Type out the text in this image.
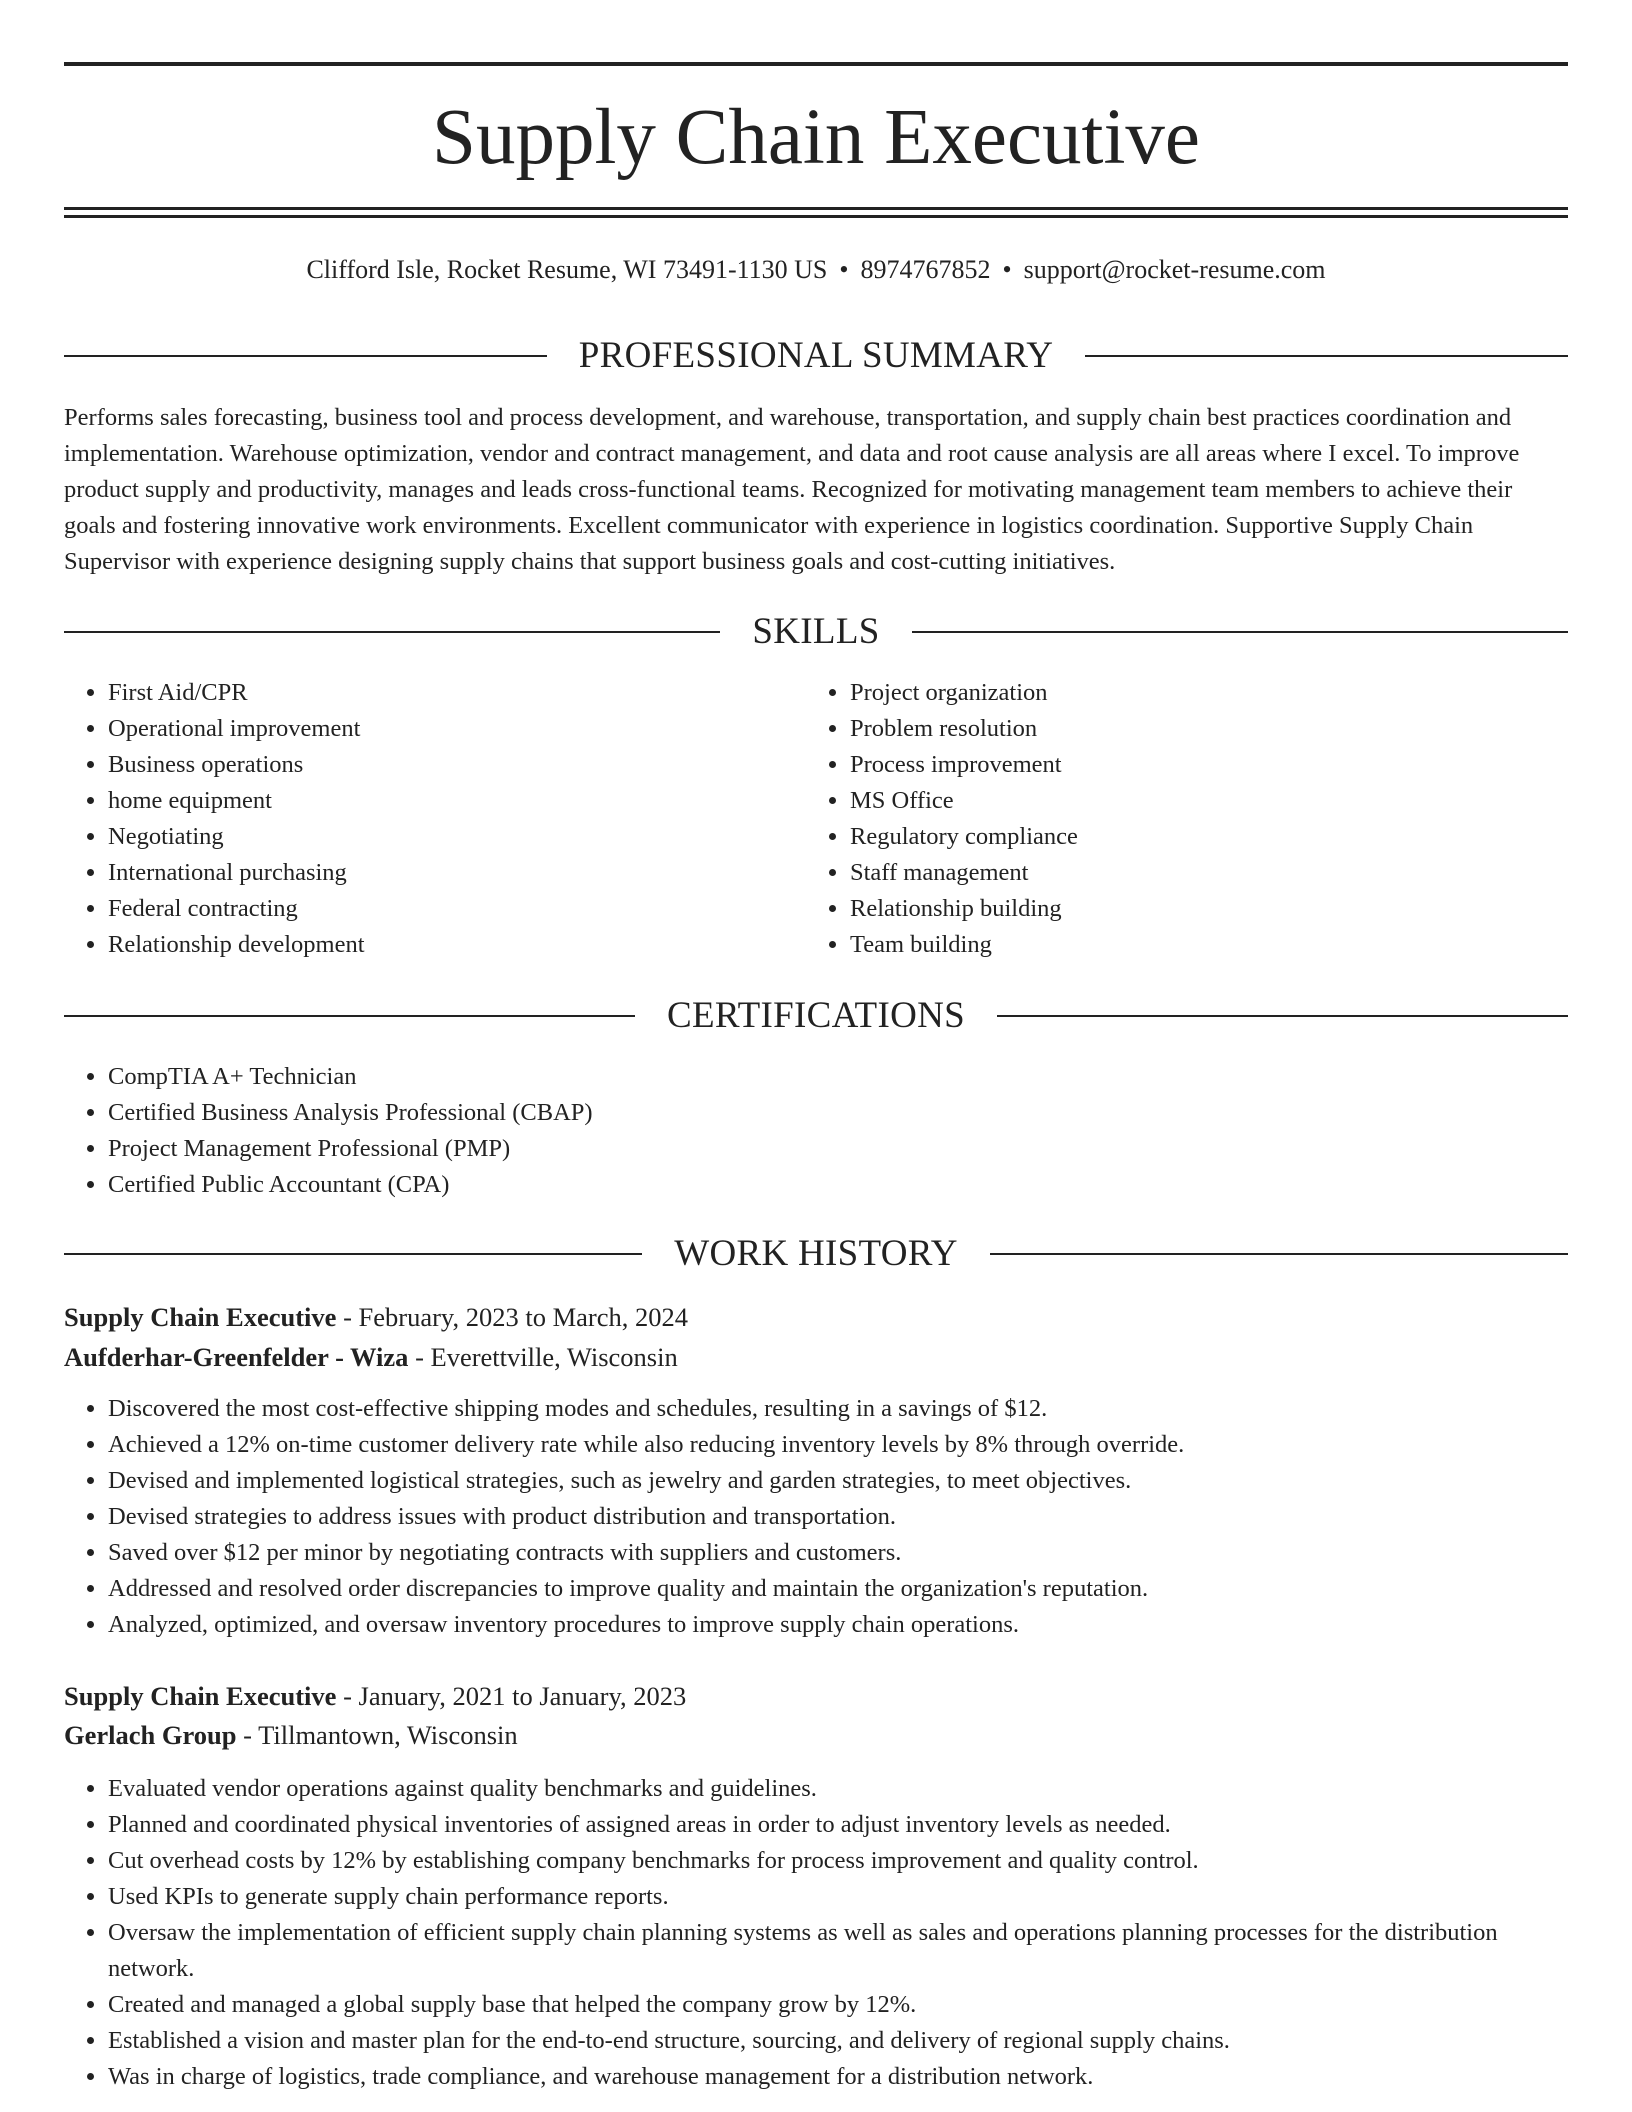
Supply Chain Executive
Clifford Isle, Rocket Resume, WI 73491-1130 US • 8974767852 • support@rocket-resume.com
PROFESSIONAL SUMMARY
Performs sales forecasting, business tool and process development, and warehouse, transportation, and supply chain best practices coordination and implementation. Warehouse optimization, vendor and contract management, and data and root cause analysis are all areas where I excel. To improve product supply and productivity, manages and leads cross-functional teams. Recognized for motivating management team members to achieve their goals and fostering innovative work environments. Excellent communicator with experience in logistics coordination. Supportive Supply Chain Supervisor with experience designing supply chains that support business goals and cost-cutting initiatives.
SKILLS
• First Aid/CPR
• Operational improvement
• Business operations
• home equipment
• Negotiating
• International purchasing
• Federal contracting
• Relationship development
• Project organization
• Problem resolution
• Process improvement
• MS Office
• Regulatory compliance
• Staff management
• Relationship building
• Team building
CERTIFICATIONS
• CompTIA A+ Technician
• Certified Business Analysis Professional (CBAP)
• Project Management Professional (PMP)
• Certified Public Accountant (CPA)
WORK HISTORY
Supply Chain Executive - February, 2023 to March, 2024
Aufderhar-Greenfelder - Wiza - Everettville, Wisconsin
• Discovered the most cost-effective shipping modes and schedules, resulting in a savings of $12.
• Achieved a 12% on-time customer delivery rate while also reducing inventory levels by 8% through override.
• Devised and implemented logistical strategies, such as jewelry and garden strategies, to meet objectives.
• Devised strategies to address issues with product distribution and transportation.
• Saved over $12 per minor by negotiating contracts with suppliers and customers.
• Addressed and resolved order discrepancies to improve quality and maintain the organization's reputation.
• Analyzed, optimized, and oversaw inventory procedures to improve supply chain operations.
Supply Chain Executive - January, 2021 to January, 2023
Gerlach Group - Tillmantown, Wisconsin
• Evaluated vendor operations against quality benchmarks and guidelines.
• Planned and coordinated physical inventories of assigned areas in order to adjust inventory levels as needed.
• Cut overhead costs by 12% by establishing company benchmarks for process improvement and quality control.
• Used KPIs to generate supply chain performance reports.
• Oversaw the implementation of efficient supply chain planning systems as well as sales and operations planning processes for the distribution network.
• Created and managed a global supply base that helped the company grow by 12%.
• Established a vision and master plan for the end-to-end structure, sourcing, and delivery of regional supply chains.
• Was in charge of logistics, trade compliance, and warehouse management for a distribution network.
